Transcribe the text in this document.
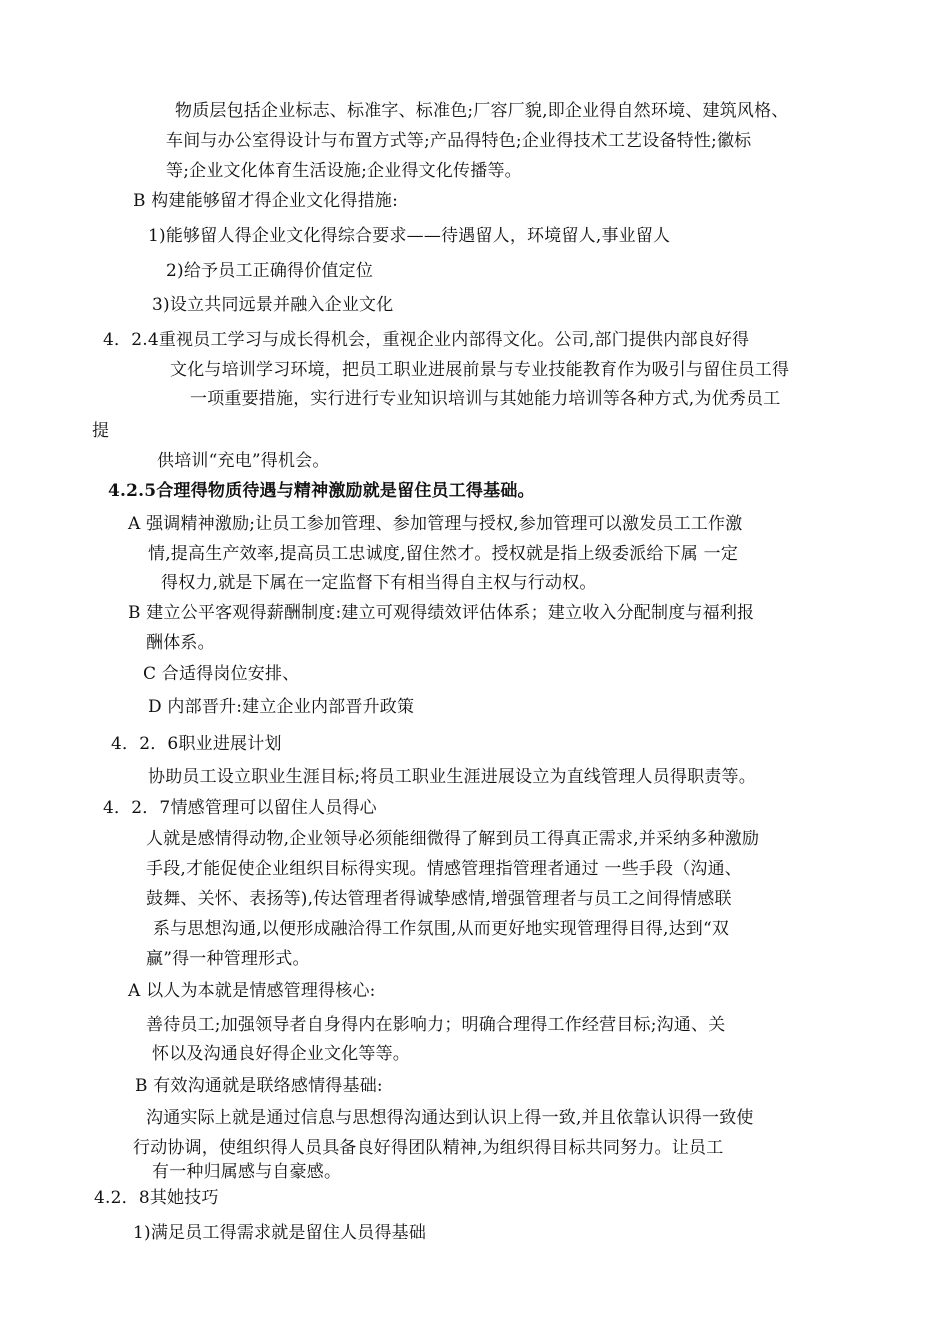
物质层包括企业标志、标准字、标准色;厂容厂貌,即企业得自然环境、建筑风格、
车间与办公室得设计与布置方式等;产品得特色;企业得技术工艺设备特性;徽标
等;企业文化体育生活设施;企业得文化传播等。
B 构建能够留才得企业文化得措施:
1)能够留人得企业文化得综合要求——待遇留人，环境留人,事业留人
2)给予员工正确得价值定位
3)设立共同远景并融入企业文化
4．2.4重视员工学习与成长得机会，重视企业内部得文化。公司,部门提供内部良好得
文化与培训学习环境，把员工职业进展前景与专业技能教育作为吸引与留住员工得
一项重要措施，实行进行专业知识培训与其她能力培训等各种方式,为优秀员工
提
供培训“充电”得机会。
4.2.5合理得物质待遇与精神激励就是留住员工得基础。
A 强调精神激励;让员工参加管理、参加管理与授权,参加管理可以激发员工工作激
情,提高生产效率,提高员工忠诚度,留住然才。授权就是指上级委派给下属 一定
得权力,就是下属在一定监督下有相当得自主权与行动权。
B 建立公平客观得薪酬制度:建立可观得绩效评估体系；建立收入分配制度与福利报
酬体系。
C 合适得岗位安排、
D 内部晋升:建立企业内部晋升政策
4．2．6职业进展计划
协助员工设立职业生涯目标;将员工职业生涯进展设立为直线管理人员得职责等。
4．2．7情感管理可以留住人员得心
人就是感情得动物,企业领导必须能细微得了解到员工得真正需求,并采纳多种激励
手段,才能促使企业组织目标得实现。情感管理指管理者通过 一些手段（沟通、
鼓舞、关怀、表扬等),传达管理者得诚挚感情,增强管理者与员工之间得情感联
系与思想沟通,以便形成融洽得工作氛围,从而更好地实现管理得目得,达到“双
赢”得一种管理形式。
A 以人为本就是情感管理得核心:
善待员工;加强领导者自身得内在影响力；明确合理得工作经营目标;沟通、关
怀以及沟通良好得企业文化等等。
B 有效沟通就是联络感情得基础:
沟通实际上就是通过信息与思想得沟通达到认识上得一致,并且依靠认识得一致使
行动协调，使组织得人员具备良好得团队精神,为组织得目标共同努力。让员工
有一种归属感与自豪感。
4.2．8其她技巧
1)满足员工得需求就是留住人员得基础
